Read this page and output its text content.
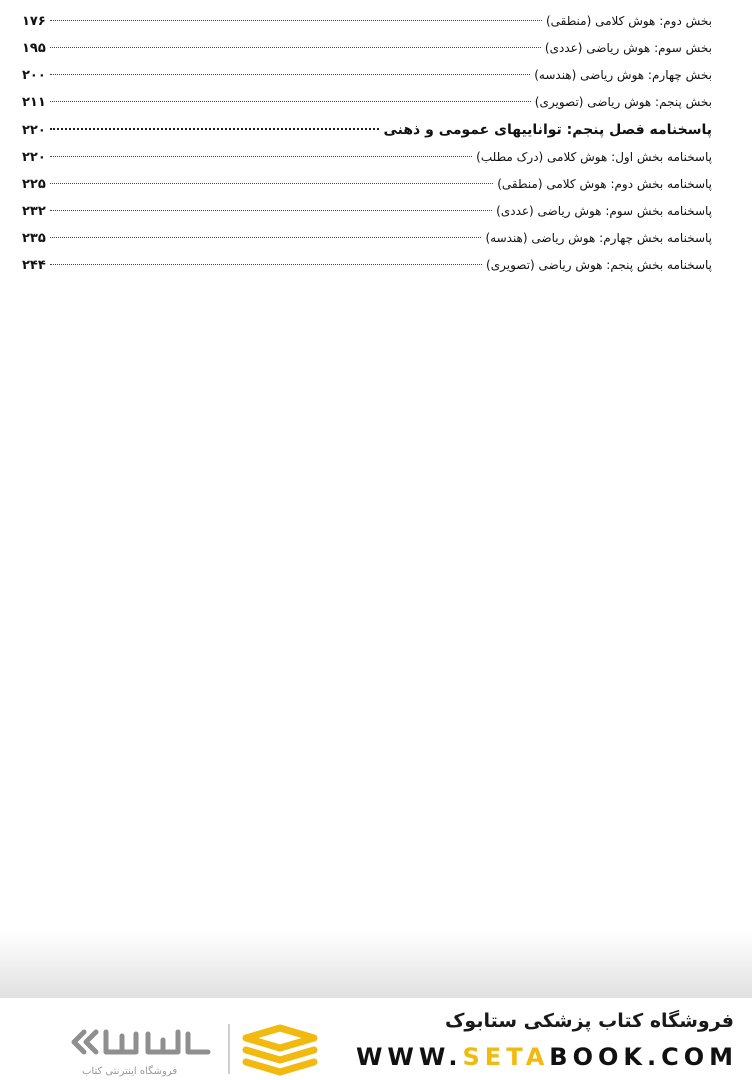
بخش دوم: هوش کلامی (منطقی)
۱۷۶
بخش سوم: هوش ریاضی (عددی)
۱۹۵
بخش چهارم: هوش ریاضی (هندسه)
۲۰۰
بخش پنجم: هوش ریاضی (تصویری)
۲۱۱
پاسخنامه فصل پنجم: تواناییهای عمومی و ذهنی
۲۲۰
پاسخنامه بخش اول: هوش کلامی (درک مطلب)
۲۲۰
پاسخنامه بخش دوم: هوش کلامی (منطقی)
۲۲۵
پاسخنامه بخش سوم: هوش ریاضی (عددی)
۲۳۲
پاسخنامه بخش چهارم: هوش ریاضی (هندسه)
۲۳۵
پاسخنامه بخش پنجم: هوش ریاضی (تصویری)
۲۴۴
فروشگاه اینترنتی کتاب
فروشگاه کتاب پزشکی ستابوک
WWW.SETABOOK.COM
